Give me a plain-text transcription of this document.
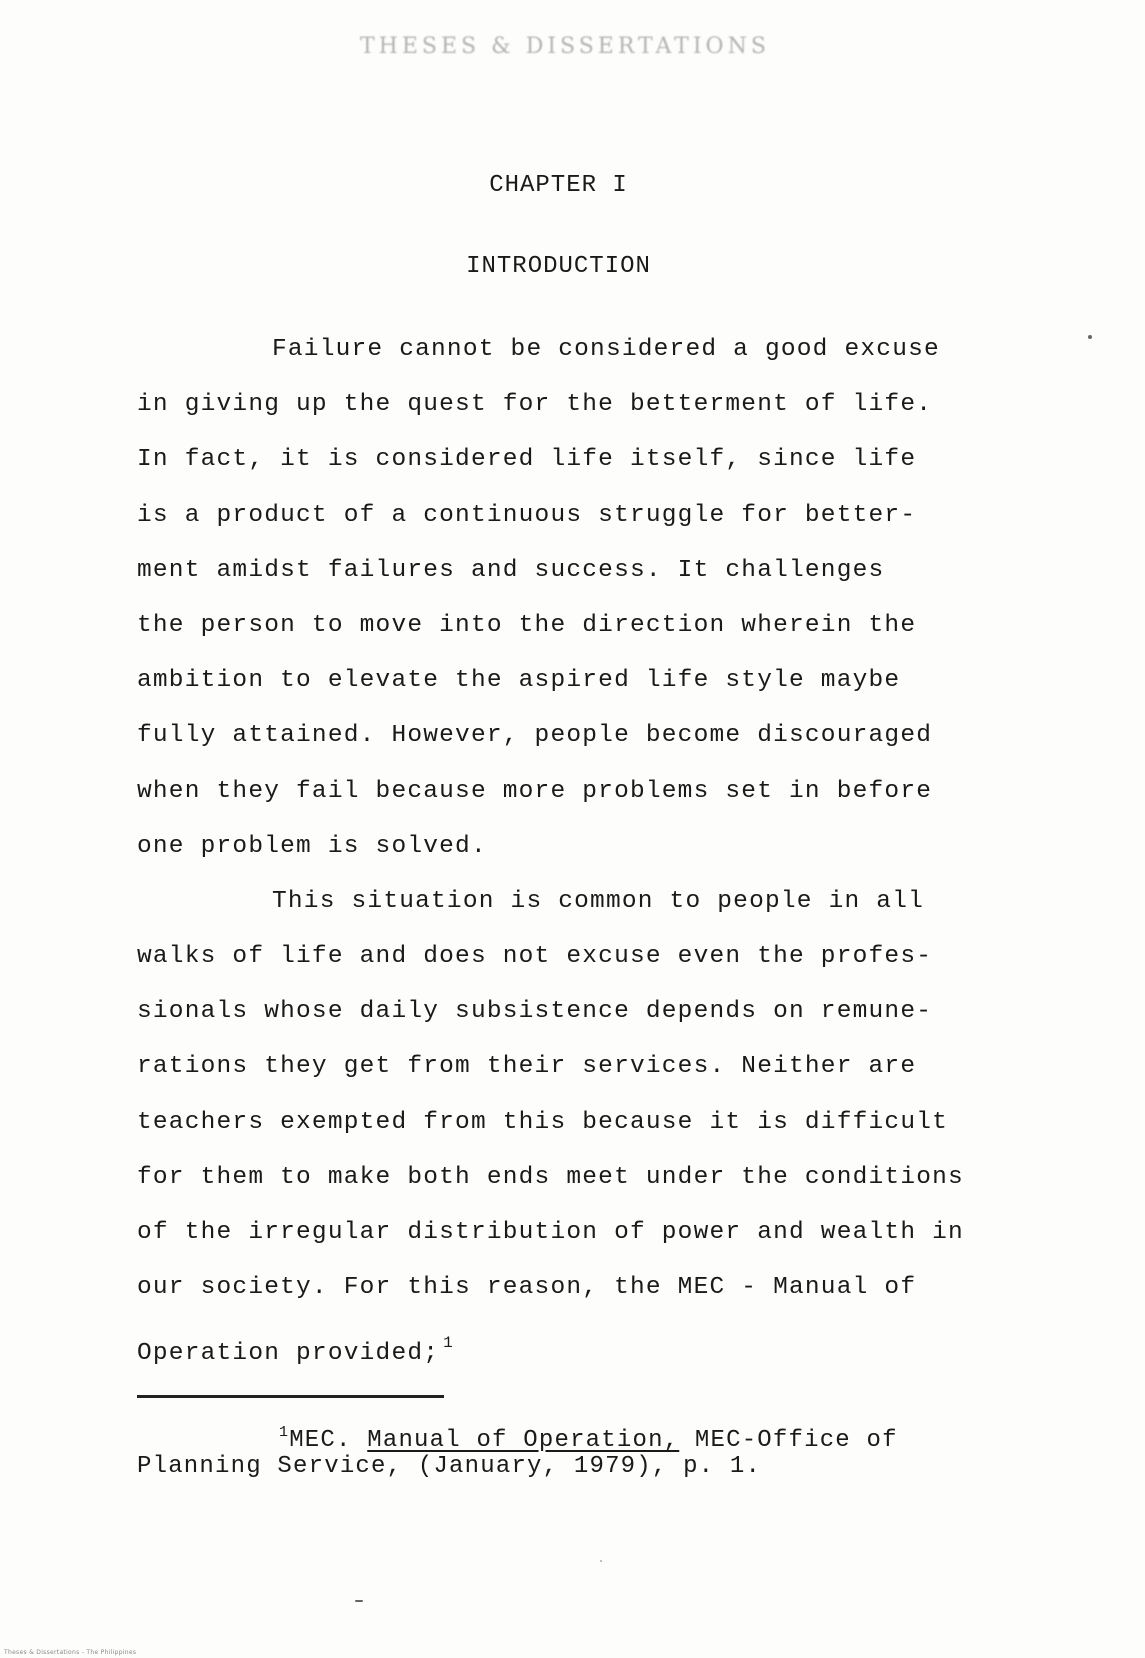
THESES & DISSERTATIONS
CHAPTER I
INTRODUCTION
Failure cannot be considered a good excuse
in giving up the quest for the betterment of life.
In fact, it is considered life itself, since life
is a product of a continuous struggle for better-
ment amidst failures and success. It challenges
the person to move into the direction wherein the
ambition to elevate the aspired life style maybe
fully attained. However, people become discouraged
when they fail because more problems set in before
one problem is solved.
This situation is common to people in all
walks of life and does not excuse even the profes-
sionals whose daily subsistence depends on remune-
rations they get from their services. Neither are
teachers exempted from this because it is difficult
for them to make both ends meet under the conditions
of the irregular distribution of power and wealth in
our society. For this reason, the MEC - Manual of
Operation provided; $^1$
$^1$MEC. Manual of Operation, MEC-Office of
Planning Service, (January, 1979), p. 1.
Theses & Dissertations - The Philippines
